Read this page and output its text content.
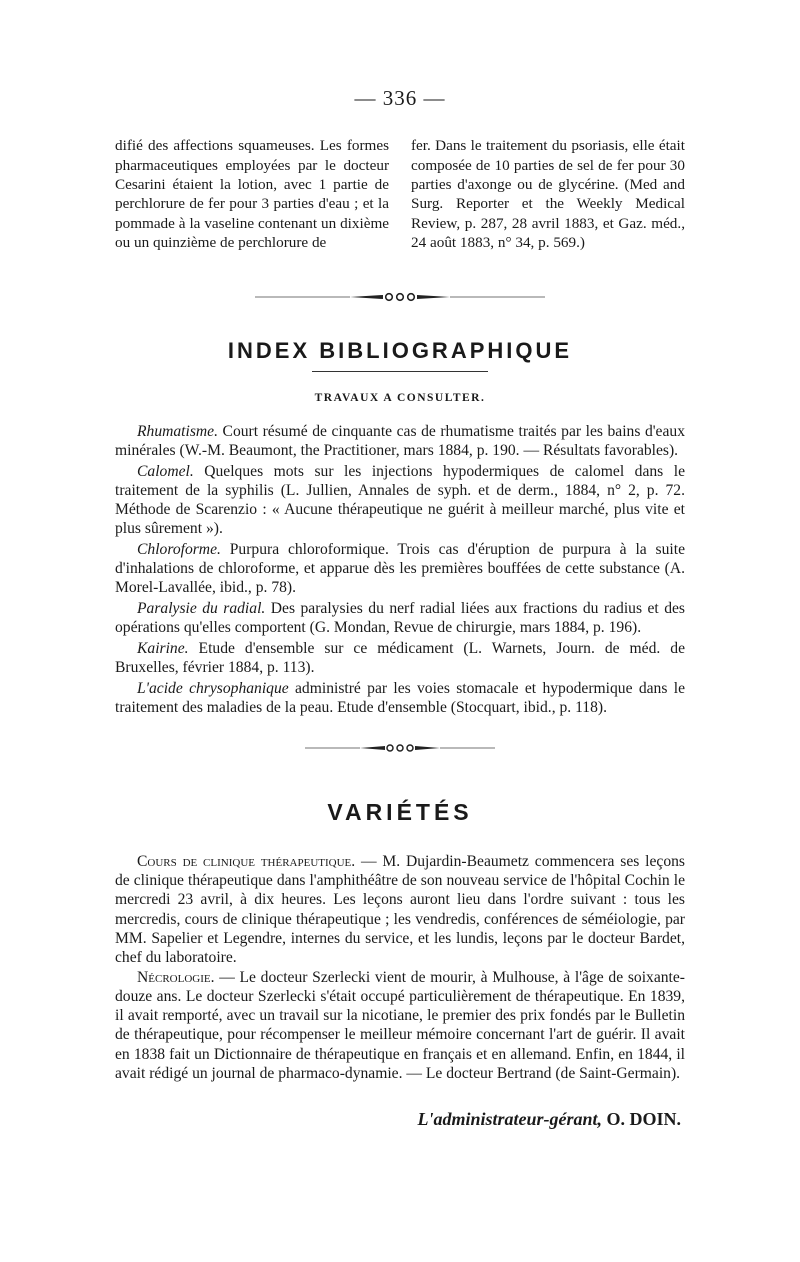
— 336 —

difié des affections squameuses. Les formes pharmaceutiques employées par le docteur Cesarini étaient la lotion, avec 1 partie de perchlorure de fer pour 3 parties d'eau ; et la pommade à la vaseline contenant un dixième ou un quinzième de perchlorure de

fer. Dans le traitement du psoriasis, elle était composée de 10 parties de sel de fer pour 30 parties d'axonge ou de glycérine. (Med and Surg. Reporter et the Weekly Medical Review, p. 287, 28 avril 1883, et Gaz. méd., 24 août 1883, n° 34, p. 569.)

INDEX BIBLIOGRAPHIQUE
TRAVAUX A CONSULTER.

Rhumatisme. Court résumé de cinquante cas de rhumatisme traités par les bains d'eaux minérales (W.-M. Beaumont, the Practitioner, mars 1884, p. 190. — Résultats favorables).

Calomel. Quelques mots sur les injections hypodermiques de calomel dans le traitement de la syphilis (L. Jullien, Annales de syph. et de derm., 1884, n° 2, p. 72. Méthode de Scarenzio : « Aucune thérapeutique ne guérit à meilleur marché, plus vite et plus sûrement »).

Chloroforme. Purpura chloroformique. Trois cas d'éruption de purpura à la suite d'inhalations de chloroforme, et apparue dès les premières bouffées de cette substance (A. Morel-Lavallée, ibid., p. 78).

Paralysie du radial. Des paralysies du nerf radial liées aux fractions du radius et des opérations qu'elles comportent (G. Mondan, Revue de chirurgie, mars 1884, p. 196).

Kairine. Etude d'ensemble sur ce médicament (L. Warnets, Journ. de méd. de Bruxelles, février 1884, p. 113).

L'acide chrysophanique administré par les voies stomacale et hypodermique dans le traitement des maladies de la peau. Etude d'ensemble (Stocquart, ibid., p. 118).

VARIÉTÉS

Cours de clinique thérapeutique. — M. Dujardin-Beaumetz commencera ses leçons de clinique thérapeutique dans l'amphithéâtre de son nouveau service de l'hôpital Cochin le mercredi 23 avril, à dix heures. Les leçons auront lieu dans l'ordre suivant : tous les mercredis, cours de clinique thérapeutique ; les vendredis, conférences de séméiologie, par MM. Sapelier et Legendre, internes du service, et les lundis, leçons par le docteur Bardet, chef du laboratoire.

Nécrologie. — Le docteur Szerlecki vient de mourir, à Mulhouse, à l'âge de soixante-douze ans. Le docteur Szerlecki s'était occupé particulièrement de thérapeutique. En 1839, il avait remporté, avec un travail sur la nicotiane, le premier des prix fondés par le Bulletin de thérapeutique, pour récompenser le meilleur mémoire concernant l'art de guérir. Il avait en 1838 fait un Dictionnaire de thérapeutique en français et en allemand. Enfin, en 1844, il avait rédigé un journal de pharmaco-dynamie. — Le docteur Bertrand (de Saint-Germain).

L'administrateur-gérant, O. DOIN.
